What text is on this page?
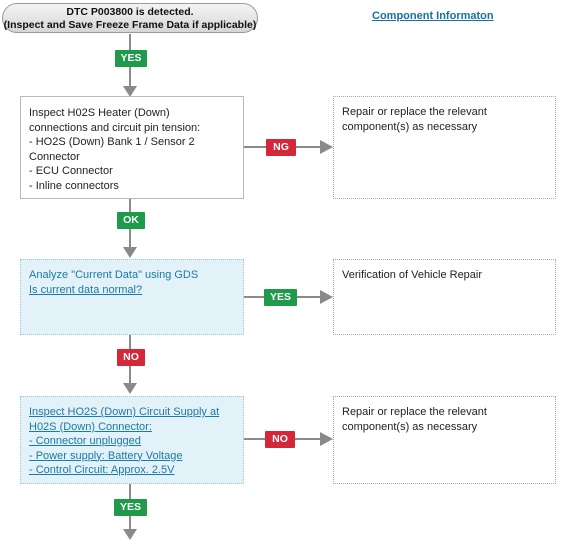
DTC P003800 is detected.
(Inspect and Save Freeze Frame Data if applicable)
Component Informaton
YES
Inspect H02S Heater (Down)
connections and circuit pin tension:
- HO2S (Down) Bank 1 / Sensor 2
Connector
- ECU Connector
- Inline connectors
NG
Repair or replace the relevant
component(s) as necessary
OK
Analyze "Current Data" using GDS
Is current data normal?
YES
Verification of Vehicle Repair
NO
Inspect HO2S (Down) Circuit Supply at
H02S (Down) Connector:
- Connector unplugged
- Power supply: Battery Voltage
- Control Circuit: Approx. 2.5V
NO
Repair or replace the relevant
component(s) as necessary
YES
